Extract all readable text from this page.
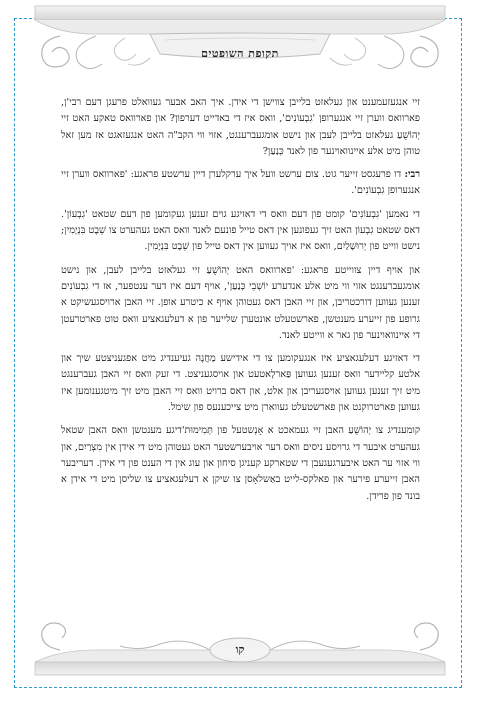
תקופת השופטים

זיי אנגעזעמענט און געלאזט בלייבן צווישן די אידן. איך האב אבער געוואלט פרעגן דעם רבי'ן, פארוואס ווערן זיי אנגערופן 'גִבְעוֹנִים', וואס איז די באדייט דערפון? און פארוואס טאקע האט זיי יְהוֹשֻׁעַ געלאזט בלייבן לעבן און נישט אומגעברענגט, אזוי ווי הקב"ה האט אנגעזאגט אז מען זאל טוהן מיט אלע איינוואוינער פון לאנד כְּנַעַן?

רבי: דו פרעגסט זייער גוט. צום ערשט וועל איך ערקלערן דיין ערשטע פראגע: 'פארוואס ווערן זיי אנגערופן גִבְעוֹנִים'.

די נאמען 'גִבְעוֹנִים' קומט פון דעם וואס די דאזיגע גוים זענען געקומען פון דעם שטאט 'גִבְעוֹן'. דאס שטאט גִבְעוֹן האט זיך געפונען אין דאס טייל פונעם לאנד וואס האט געהערט צו שֵׁבֶט בִּנְיָמִין; נישט ווייט פון יְרוּשָׁלַיִם, וואס איז אויך געווען אין דאס טייל פון שֵׁבֶט בִּנְיָמִין.

און אויף דיין צווייטע פראגע: 'פארוואס האט יְהוֹשֻׁעַ זיי געלאזט בלייבן לעבן, און נישט אומגעברענגט אזוי ווי מיט אלע אנדערע יוֹשְׁבֵי כְּנַעַן', אויף דעם איז דער ענטפער, אז די גִבְעוֹנִים זענען געווען דורכטריבן, און זיי האבן דאס געטוהן אויף א כיטרע אופן. זיי האבן ארויסגעשיקט א גרופע פון זייערע מענטשן, פארשטעלט אונטערן שלייער פון א דעלעגאציע וואס טוט פארטרעטן די איינוואוינער פון גאר א ווייטע לאנד.

די דאזיגע דעלעגאציע איז אנגעקומען צו די אידישע מַחֲנֶה געיענדיג מיט אפגעניצטע שיך און אלטע קליידער וואס זענען געווען פַּארלָאטעט און אויסגעניצט. די זעק וואס זיי האבן געברענגט מיט זיך זענען געווען אויסגעריבן און אלט, און דאס ברויט וואס זיי האבן מיט זיך מיטגענומען איז געווען פארטרוקנט און פארשטעלט געווארן מיט צייכענעס פון שימל.

קומענדיג צו יְהוֹשֻׁעַ האבן זיי געמאכט א אָנְשטעל פון תְּמִימוּת'דיגע מענטשן וואס האבן שטאל געהערט איבער די גרויסע ניסים וואס דער אויבערשטער האט געטוהן מיט די אידן אין מִצְרַיִם, און ווי אזוי ער האט איבערגעגעבן די שטארקע קעניגן סיחון און עוג אין די הענט פון די אידן. דעריבער האבן זייערע פירער און פאלקס-לייט באַשלאָסן צו שיקן א דעלעגאציע צו שליסן מיט די אידן א בונד פון פרידן.

קו
